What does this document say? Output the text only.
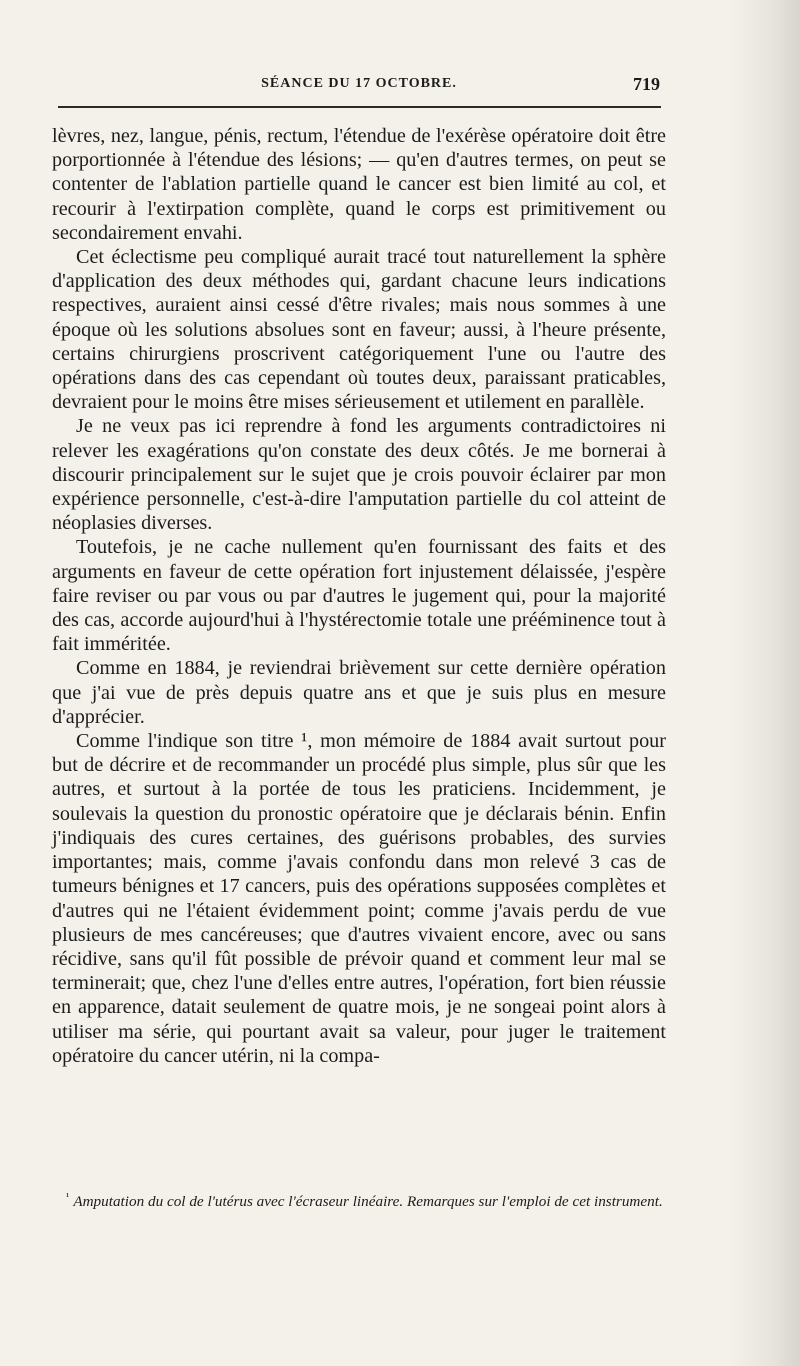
SÉANCE DU 17 OCTOBRE.	719

lèvres, nez, langue, pénis, rectum, l'étendue de l'exérèse opératoire doit être porportionnée à l'étendue des lésions; — qu'en d'autres termes, on peut se contenter de l'ablation partielle quand le cancer est bien limité au col, et recourir à l'extirpation complète, quand le corps est primitivement ou secondairement envahi.

Cet éclectisme peu compliqué aurait tracé tout naturellement la sphère d'application des deux méthodes qui, gardant chacune leurs indications respectives, auraient ainsi cessé d'être rivales; mais nous sommes à une époque où les solutions absolues sont en faveur; aussi, à l'heure présente, certains chirurgiens proscrivent catégoriquement l'une ou l'autre des opérations dans des cas cependant où toutes deux, paraissant praticables, devraient pour le moins être mises sérieusement et utilement en parallèle.

Je ne veux pas ici reprendre à fond les arguments contradictoires ni relever les exagérations qu'on constate des deux côtés. Je me bornerai à discourir principalement sur le sujet que je crois pouvoir éclairer par mon expérience personnelle, c'est-à-dire l'amputation partielle du col atteint de néoplasies diverses.

Toutefois, je ne cache nullement qu'en fournissant des faits et des arguments en faveur de cette opération fort injustement délaissée, j'espère faire reviser ou par vous ou par d'autres le jugement qui, pour la majorité des cas, accorde aujourd'hui à l'hystérectomie totale une prééminence tout à fait imméritée.

Comme en 1884, je reviendrai brièvement sur cette dernière opération que j'ai vue de près depuis quatre ans et que je suis plus en mesure d'apprécier.

Comme l'indique son titre ¹, mon mémoire de 1884 avait surtout pour but de décrire et de recommander un procédé plus simple, plus sûr que les autres, et surtout à la portée de tous les praticiens. Incidemment, je soulevais la question du pronostic opératoire que je déclarais bénin. Enfin j'indiquais des cures certaines, des guérisons probables, des survies importantes; mais, comme j'avais confondu dans mon relevé 3 cas de tumeurs bénignes et 17 cancers, puis des opérations supposées complètes et d'autres qui ne l'étaient évidemment point; comme j'avais perdu de vue plusieurs de mes cancéreuses; que d'autres vivaient encore, avec ou sans récidive, sans qu'il fût possible de prévoir quand et comment leur mal se terminerait; que, chez l'une d'elles entre autres, l'opération, fort bien réussie en apparence, datait seulement de quatre mois, je ne songeai point alors à utiliser ma série, qui pourtant avait sa valeur, pour juger le traitement opératoire du cancer utérin, ni la compa-

$^{^1}$ Amputation du col de l'utérus avec l'écraseur linéaire. Remarques sur l'emploi de cet instrument.
